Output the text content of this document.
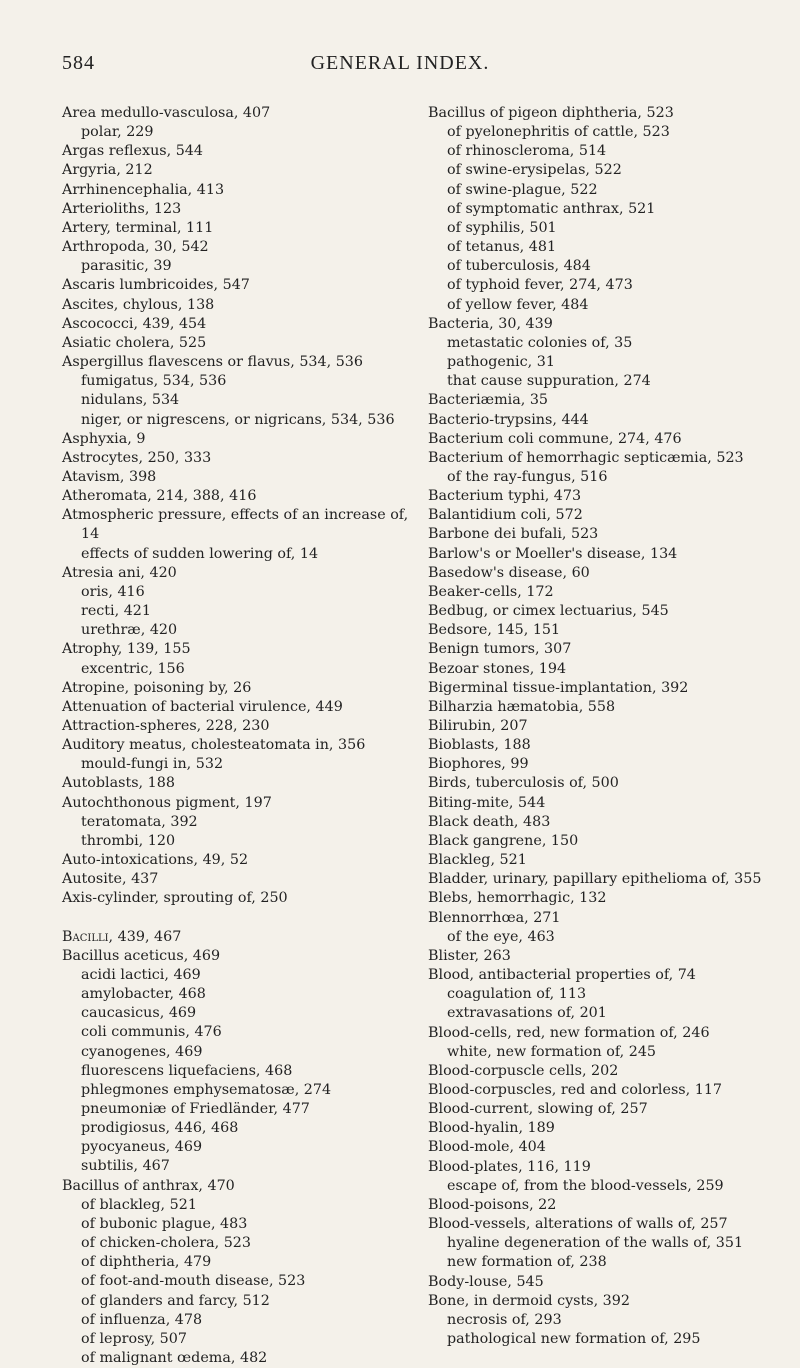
584	GENERAL INDEX.
Area medullo-vasculosa, 407
polar, 229
Argas reflexus, 544
Argyria, 212
Arrhinencephalia, 413
Arterioliths, 123
Artery, terminal, 111
Arthropoda, 30, 542
parasitic, 39
Ascaris lumbricoides, 547
Ascites, chylous, 138
Ascococci, 439, 454
Asiatic cholera, 525
Aspergillus flavescens or flavus, 534, 536
fumigatus, 534, 536
nidulans, 534
niger, or nigrescens, or nigricans, 534, 536
Asphyxia, 9
Astrocytes, 250, 333
Atavism, 398
Atheromata, 214, 388, 416
Atmospheric pressure, effects of an increase of, 14
effects of sudden lowering of, 14
Atresia ani, 420
oris, 416
recti, 421
urethræ, 420
Atrophy, 139, 155
excentric, 156
Atropine, poisoning by, 26
Attenuation of bacterial virulence, 449
Attraction-spheres, 228, 230
Auditory meatus, cholesteatomata in, 356
mould-fungi in, 532
Autoblasts, 188
Autochthonous pigment, 197
teratomata, 392
thrombi, 120
Auto-intoxications, 49, 52
Autosite, 437
Axis-cylinder, sprouting of, 250
Bacilli, 439, 467
Bacillus aceticus, 469
acidi lactici, 469
amylobacter, 468
caucasicus, 469
coli communis, 476
cyanogenes, 469
fluorescens liquefaciens, 468
phlegmones emphysematosæ, 274
pneumoniæ of Friedländer, 477
prodigiosus, 446, 468
pyocyaneus, 469
subtilis, 467
Bacillus of anthrax, 470
of blackleg, 521
of bubonic plague, 483
of chicken-cholera, 523
of diphtheria, 479
of foot-and-mouth disease, 523
of glanders and farcy, 512
of influenza, 478
of leprosy, 507
of malignant œdema, 482
Bacillus of pigeon diphtheria, 523
of pyelonephritis of cattle, 523
of rhinoscleroma, 514
of swine-erysipelas, 522
of swine-plague, 522
of symptomatic anthrax, 521
of syphilis, 501
of tetanus, 481
of tuberculosis, 484
of typhoid fever, 274, 473
of yellow fever, 484
Bacteria, 30, 439
metastatic colonies of, 35
pathogenic, 31
that cause suppuration, 274
Bacteriæmia, 35
Bacterio-trypsins, 444
Bacterium coli commune, 274, 476
Bacterium of hemorrhagic septicæmia, 523
of the ray-fungus, 516
Bacterium typhi, 473
Balantidium coli, 572
Barbone dei bufali, 523
Barlow's or Moeller's disease, 134
Basedow's disease, 60
Beaker-cells, 172
Bedbug, or cimex lectuarius, 545
Bedsore, 145, 151
Benign tumors, 307
Bezoar stones, 194
Bigerminal tissue-implantation, 392
Bilharzia hæmatobia, 558
Bilirubin, 207
Bioblasts, 188
Biophores, 99
Birds, tuberculosis of, 500
Biting-mite, 544
Black death, 483
Black gangrene, 150
Blackleg, 521
Bladder, urinary, papillary epithelioma of, 355
Blebs, hemorrhagic, 132
Blennorrhœa, 271
of the eye, 463
Blister, 263
Blood, antibacterial properties of, 74
coagulation of, 113
extravasations of, 201
Blood-cells, red, new formation of, 246
white, new formation of, 245
Blood-corpuscle cells, 202
Blood-corpuscles, red and colorless, 117
Blood-current, slowing of, 257
Blood-hyalin, 189
Blood-mole, 404
Blood-plates, 116, 119
escape of, from the blood-vessels, 259
Blood-poisons, 22
Blood-vessels, alterations of walls of, 257
hyaline degeneration of the walls of, 351
new formation of, 238
Body-louse, 545
Bone, in dermoid cysts, 392
necrosis of, 293
pathological new formation of, 295
